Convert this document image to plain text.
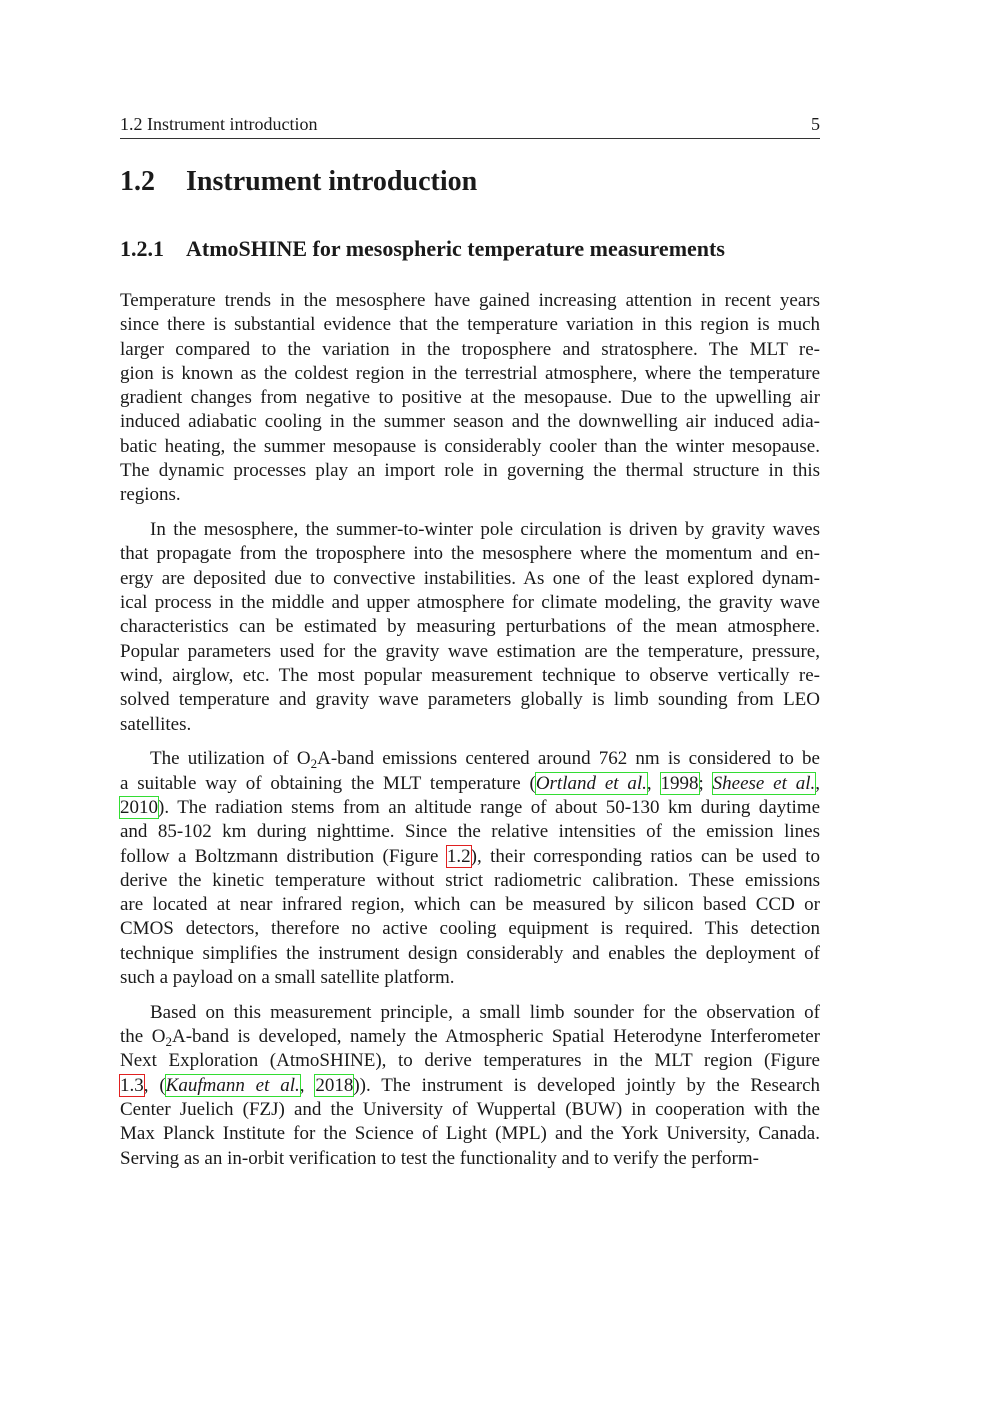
1.2 Instrument introduction	5
1.2 Instrument introduction
1.2.1 AtmoSHINE for mesospheric temperature measurements
Temperature trends in the mesosphere have gained increasing attention in recent years
since there is substantial evidence that the temperature variation in this region is much
larger compared to the variation in the troposphere and stratosphere. The MLT re-
gion is known as the coldest region in the terrestrial atmosphere, where the temperature
gradient changes from negative to positive at the mesopause. Due to the upwelling air
induced adiabatic cooling in the summer season and the downwelling air induced adia-
batic heating, the summer mesopause is considerably cooler than the winter mesopause.
The dynamic processes play an import role in governing the thermal structure in this
regions.
In the mesosphere, the summer-to-winter pole circulation is driven by gravity waves
that propagate from the troposphere into the mesosphere where the momentum and en-
ergy are deposited due to convective instabilities. As one of the least explored dynam-
ical process in the middle and upper atmosphere for climate modeling, the gravity wave
characteristics can be estimated by measuring perturbations of the mean atmosphere.
Popular parameters used for the gravity wave estimation are the temperature, pressure,
wind, airglow, etc. The most popular measurement technique to observe vertically re-
solved temperature and gravity wave parameters globally is limb sounding from LEO
satellites.
The utilization of $O_2A$-band emissions centered around 762 nm is considered to be
a suitable way of obtaining the MLT temperature (Ortland et al., 1998; Sheese et al.,
2010). The radiation stems from an altitude range of about 50-130 km during daytime
and 85-102 km during nighttime. Since the relative intensities of the emission lines
follow a Boltzmann distribution (Figure 1.2), their corresponding ratios can be used to
derive the kinetic temperature without strict radiometric calibration. These emissions
are located at near infrared region, which can be measured by silicon based CCD or
CMOS detectors, therefore no active cooling equipment is required. This detection
technique simplifies the instrument design considerably and enables the deployment of
such a payload on a small satellite platform.
Based on this measurement principle, a small limb sounder for the observation of
the $O_2A$-band is developed, namely the Atmospheric Spatial Heterodyne Interferometer
Next Exploration (AtmoSHINE), to derive temperatures in the MLT region (Figure
1.3, (Kaufmann et al., 2018)). The instrument is developed jointly by the Research
Center Juelich (FZJ) and the University of Wuppertal (BUW) in cooperation with the
Max Planck Institute for the Science of Light (MPL) and the York University, Canada.
Serving as an in-orbit verification to test the functionality and to verify the perform-
